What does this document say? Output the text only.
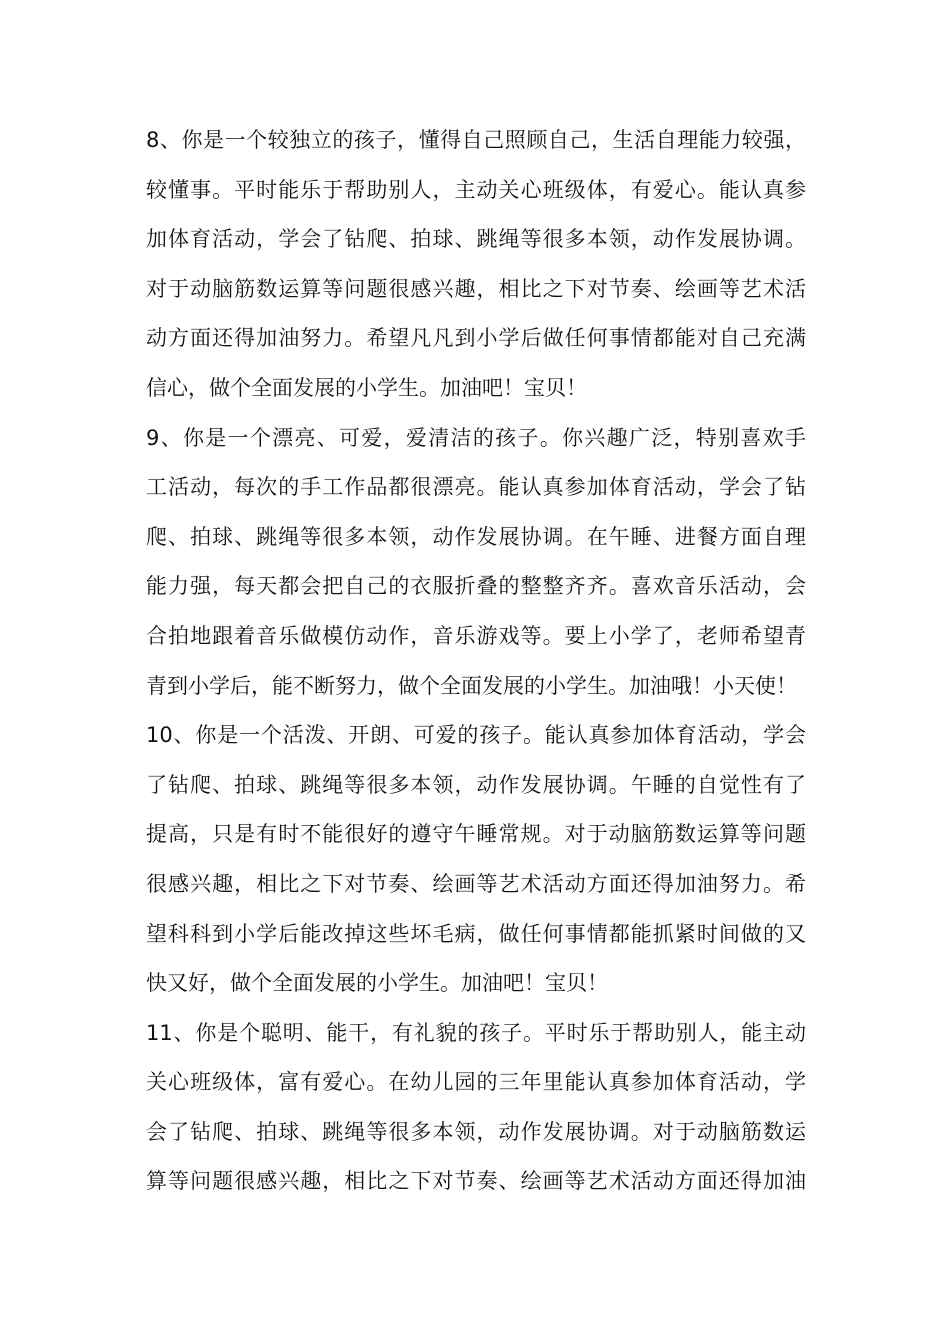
8、你是一个较独立的孩子，懂得自己照顾自己，生活自理能力较强，
较懂事。平时能乐于帮助别人，主动关心班级体，有爱心。能认真参
加体育活动，学会了钻爬、拍球、跳绳等很多本领，动作发展协调。
对于动脑筋数运算等问题很感兴趣，相比之下对节奏、绘画等艺术活
动方面还得加油努力。希望凡凡到小学后做任何事情都能对自己充满
信心，做个全面发展的小学生。加油吧！宝贝！
9、你是一个漂亮、可爱，爱清洁的孩子。你兴趣广泛，特别喜欢手
工活动，每次的手工作品都很漂亮。能认真参加体育活动，学会了钻
爬、拍球、跳绳等很多本领，动作发展协调。在午睡、进餐方面自理
能力强，每天都会把自己的衣服折叠的整整齐齐。喜欢音乐活动，会
合拍地跟着音乐做模仿动作，音乐游戏等。要上小学了，老师希望青
青到小学后，能不断努力，做个全面发展的小学生。加油哦！小天使！
10、你是一个活泼、开朗、可爱的孩子。能认真参加体育活动，学会
了钻爬、拍球、跳绳等很多本领，动作发展协调。午睡的自觉性有了
提高，只是有时不能很好的遵守午睡常规。对于动脑筋数运算等问题
很感兴趣，相比之下对节奏、绘画等艺术活动方面还得加油努力。希
望科科到小学后能改掉这些坏毛病，做任何事情都能抓紧时间做的又
快又好，做个全面发展的小学生。加油吧！宝贝！
11、你是个聪明、能干，有礼貌的孩子。平时乐于帮助别人，能主动
关心班级体，富有爱心。在幼儿园的三年里能认真参加体育活动，学
会了钻爬、拍球、跳绳等很多本领，动作发展协调。对于动脑筋数运
算等问题很感兴趣，相比之下对节奏、绘画等艺术活动方面还得加油
